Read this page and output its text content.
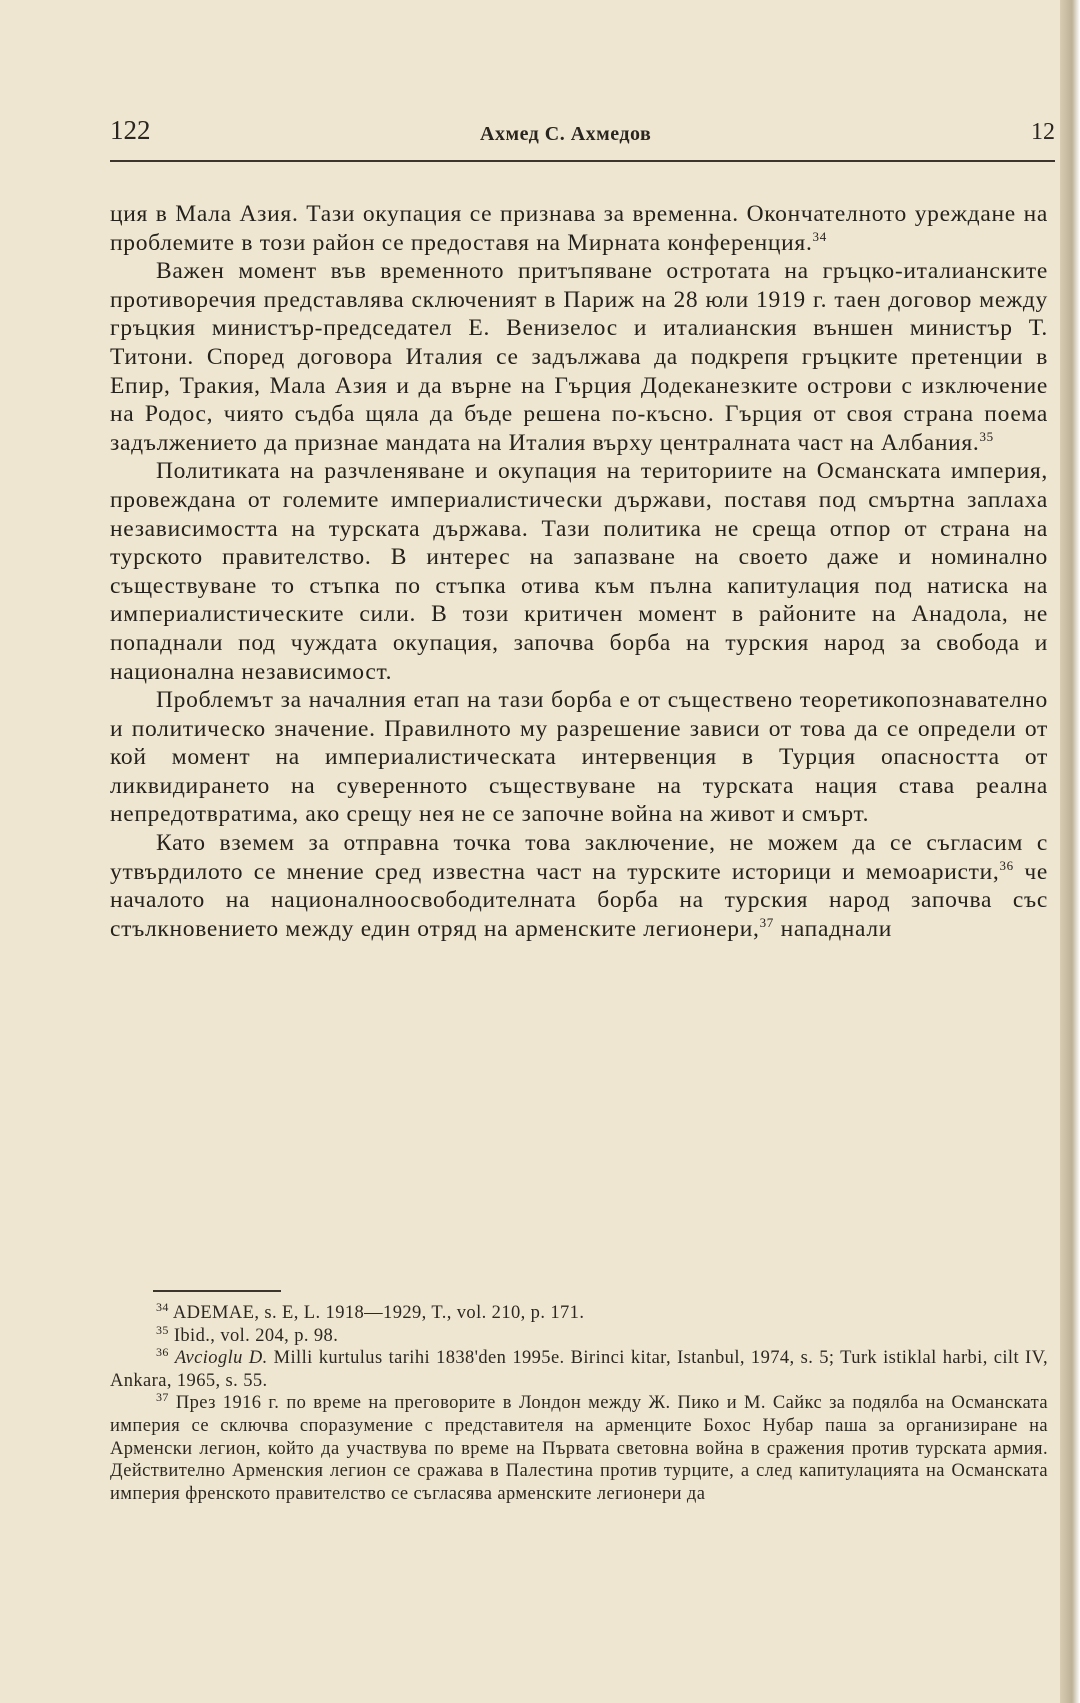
122	Ахмед С. Ахмедов	12

ция в Мала Азия. Тази окупация се признава за временна. Окончателното уреждане на проблемите в този район се предоставя на Мирната конференция.$^{34}$

Важен момент във временното притъпяване остротата на гръцко-италианските противоречия представлява сключеният в Париж на 28 юли 1919 г. таен договор между гръцкия министър-председател Е. Венизелос и италианския външен министър Т. Титони. Според договора Италия се задължава да подкрепя гръцките претенции в Епир, Тракия, Мала Азия и да върне на Гърция Додеканезките острови с изключение на Родос, чиято съдба щяла да бъде решена по-късно. Гърция от своя страна поема задължението да признае мандата на Италия върху централната част на Албания.$^{35}$

Политиката на разчленяване и окупация на териториите на Османската империя, провеждана от големите империалистически държави, поставя под смъртна заплаха независимостта на турската държава. Тази политика не среща отпор от страна на турското правителство. В интерес на запазване на своето даже и номинално съществуване то стъпка по стъпка отива към пълна капитулация под натиска на империалистическите сили. В този критичен момент в районите на Анадола, не попаднали под чуждата окупация, започва борба на турския народ за свобода и национална независимост.

Проблемът за началния етап на тази борба е от съществено теоретикопознавателно и политическо значение. Правилното му разрешение зависи от това да се определи от кой момент на империалистическата интервенция в Турция опасността от ликвидирането на суверенното съществуване на турската нация става реална непредотвратима, ако срещу нея не се започне война на живот и смърт.

Като вземем за отправна точка това заключение, не можем да се съгласим с утвърдилото се мнение сред известна част на турските историци и мемоаристи,$^{36}$ че началото на националноосвободителната борба на турския народ започва със стълкновението между един отряд на арменските легионери,$^{37}$ нападнали

$^{34}$ ADEMAE, s. E, L. 1918—1929, T., vol. 210, p. 171.

$^{35}$ Ibid., vol. 204, p. 98.

$^{36}$ Avcioglu D. Milli kurtulus tarihi 1838'den 1995e. Birinci kitar, Istanbul, 1974, s. 5; Turk istiklal harbi, cilt IV, Ankara, 1965, s. 55.

$^{37}$ През 1916 г. по време на преговорите в Лондон между Ж. Пико и М. Сайкс за подялба на Османската империя се сключва споразумение с представителя на арменците Бохос Нубар паша за организиране на Арменски легион, който да участвува по време на Първата световна война в сражения против турската армия. Действително Арменския легион се сражава в Палестина против турците, а след капитулацията на Османската империя френското правителство се съгласява арменските легионери да
